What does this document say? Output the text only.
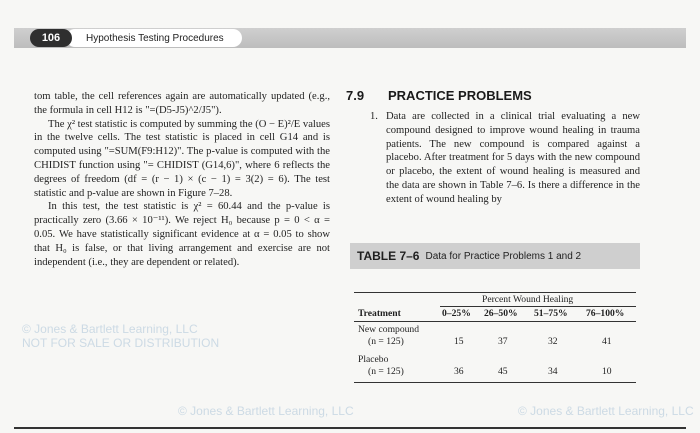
© Jones & Bartlett Learning, LLC
NOT FOR SALE OR DISTRIBUTION
© Jones & Bartlett Learning, LLC	© Jones & Bartlett Learning, LLC
Hypothesis Testing Procedures
106

tom table, the cell references again are automatically updated (e.g., the formula in cell H12 is "=(D5-J5)^2/J5").

The χ² test statistic is computed by summing the (O − E)²/E values in the twelve cells. The test statistic is placed in cell G14 and is computed using "=SUM(F9:H12)". The p-value is computed with the CHIDIST function using "= CHIDIST (G14,6)", where 6 reflects the degrees of freedom (df = (r − 1) × (c − 1) = 3(2) = 6). The test statistic and p-value are shown in Figure 7–28.

In this test, the test statistic is χ² = 60.44 and the p-value is practically zero (3.66 × 10⁻¹¹). We reject H₀ because p = 0 < α = 0.05. We have statistically significant evidence at α = 0.05 to show that H₀ is false, or that living arrangement and exercise are not independent (i.e., they are dependent or related).

7.9 PRACTICE PROBLEMS
1. Data are collected in a clinical trial evaluating a new compound designed to improve wound healing in trauma patients. The new compound is compared against a placebo. After treatment for 5 days with the new compound or placebo, the extent of wound healing is measured and the data are shown in Table 7–6. Is there a difference in the extent of wound healing by
TABLE 7–6 Data for Practice Problems 1 and 2
Percent Wound Healing
Treatment	0–25% 26–50% 51–75% 76–100%
New compound
(n = 125)	15	37	32	41
Placebo
(n = 125)	36	45	34	10
